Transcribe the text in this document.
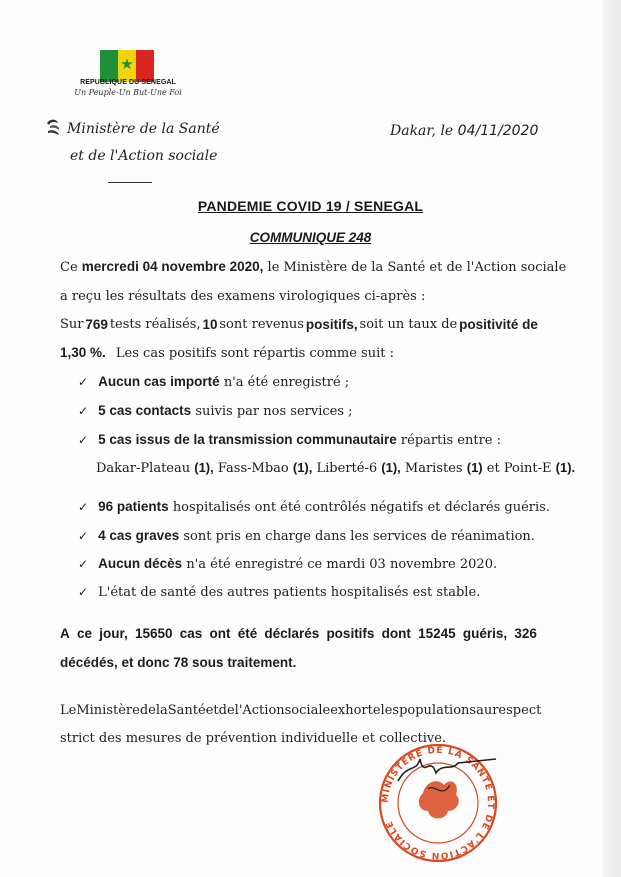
★
REPUBLIQUE DU SENEGAL
Un Peuple-Un But-Une Foi
Ministère de la Santé
et de l'Action sociale
Dakar, le 04/11/2020
PANDEMIE COVID 19 / SENEGAL
COMMUNIQUE 248
Ce mercredi 04 novembre 2020, le Ministère de la Santé et de l'Action sociale
a reçu les résultats des examens virologiques ci-après :
Sur 769 tests réalisés, 10 sont revenus positifs, soit un taux de positivité de
1,30 %. Les cas positifs sont répartis comme suit :
✓ Aucun cas importé n'a été enregistré ;
✓ 5 cas contacts suivis par nos services ;
✓ 5 cas issus de la transmission communautaire répartis entre :
Dakar-Plateau (1), Fass-Mbao (1), Liberté-6 (1), Maristes (1) et Point-E (1).
✓ 96 patients hospitalisés ont été contrôlés négatifs et déclarés guéris.
✓ 4 cas graves sont pris en charge dans les services de réanimation.
✓ Aucun décès n'a été enregistré ce mardi 03 novembre 2020.
✓ L'état de santé des autres patients hospitalisés est stable.
A ce jour, 15650 cas ont été déclarés positifs dont 15245 guéris, 326
décédés, et donc 78 sous traitement.
Le Ministère de la Santé et de l'Action sociale exhorte les populations au respect
strict des mesures de prévention individuelle et collective.
MINISTERE DE LA SANTE ET DE L'ACTION SOCIALE
